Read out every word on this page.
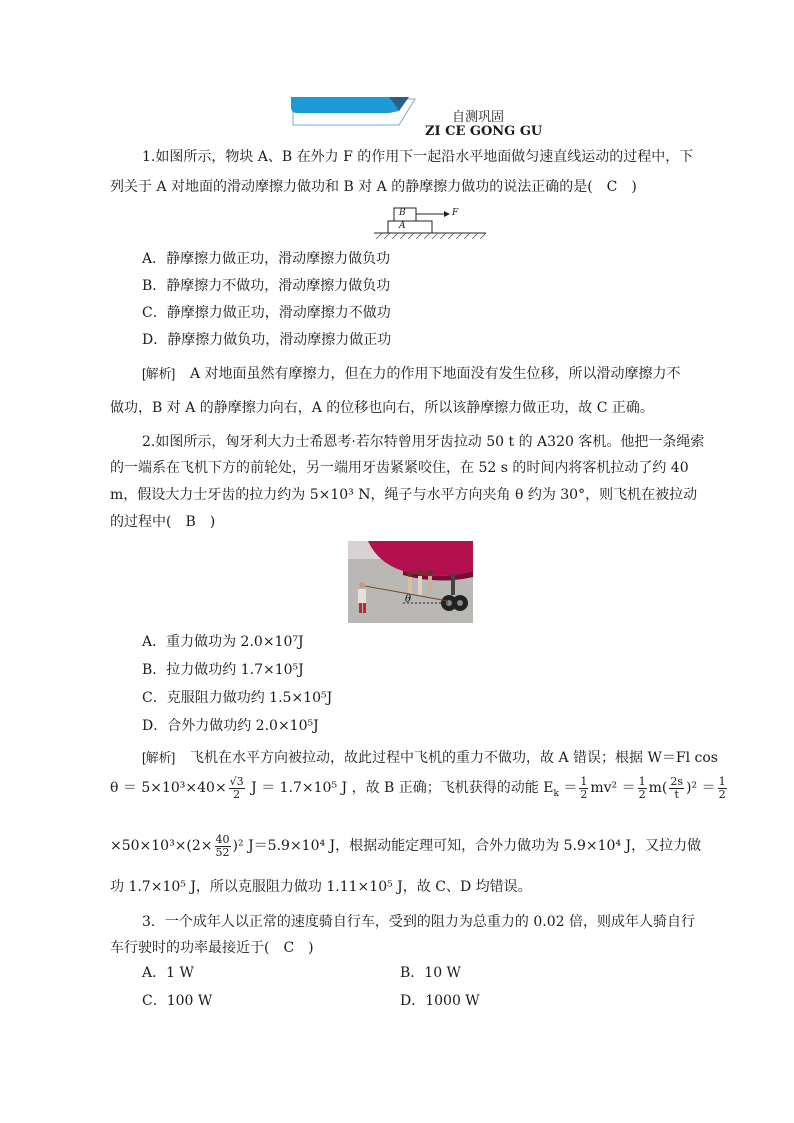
••• •••
自测巩固
ZI CE GONG GU
1.如图所示，物块 A、B 在外力 F 的作用下一起沿水平地面做匀速直线运动的过程中，下
列关于 A 对地面的滑动摩擦力做功和 B 对 A 的静摩擦力做功的说法正确的是(　C　)
B
A
F
A．静摩擦力做正功，滑动摩擦力做负功
B．静摩擦力不做功，滑动摩擦力做负功
C．静摩擦力做正功，滑动摩擦力不做功
D．静摩擦力做负功，滑动摩擦力做正功
[解析] A 对地面虽然有摩擦力，但在力的作用下地面没有发生位移，所以滑动摩擦力不
做功，B 对 A 的静摩擦力向右，A 的位移也向右，所以该静摩擦力做正功，故 C 正确。
2.如图所示，匈牙利大力士希恩考·若尔特曾用牙齿拉动 50 t 的 A320 客机。他把一条绳索
的一端系在飞机下方的前轮处，另一端用牙齿紧紧咬住，在 52 s 的时间内将客机拉动了约 40
m，假设大力士牙齿的拉力约为 5×10³ N，绳子与水平方向夹角 θ 约为 30°，则飞机在被拉动
的过程中(　B　)
θ
A．重力做功为 2.0×10⁷J
B．拉力做功约 1.7×10⁵J
C．克服阻力做功约 1.5×10⁵J
D．合外力做功约 2.0×10⁵J
[解析] 飞机在水平方向被拉动，故此过程中飞机的重力不做功，故 A 错误；根据 W＝Fl cos
$\theta = 5\times 10^3\times 40\times \frac{√3}{2}$ J ＝ 1.7×10⁵ J ，故 B 正确；飞机获得的动能 $E_k = \frac{1}{2} mv^2 = \frac{1}{2} m( \frac{2s}{t} )^2 = \frac{1}{2}$
$\times 50\times 10^3\times(2\times \frac{40}{52} )^2$ J＝5.9×10⁴ J，根据动能定理可知，合外力做功为 5.9×10⁴ J，又拉力做
功 1.7×10⁵ J，所以克服阻力做功 1.11×10⁵ J，故 C、D 均错误。
3．一个成年人以正常的速度骑自行车，受到的阻力为总重力的 0.02 倍，则成年人骑自行
车行驶时的功率最接近于(　C　)
A．1 W	B．10 W
C．100 W	D．1000 W
